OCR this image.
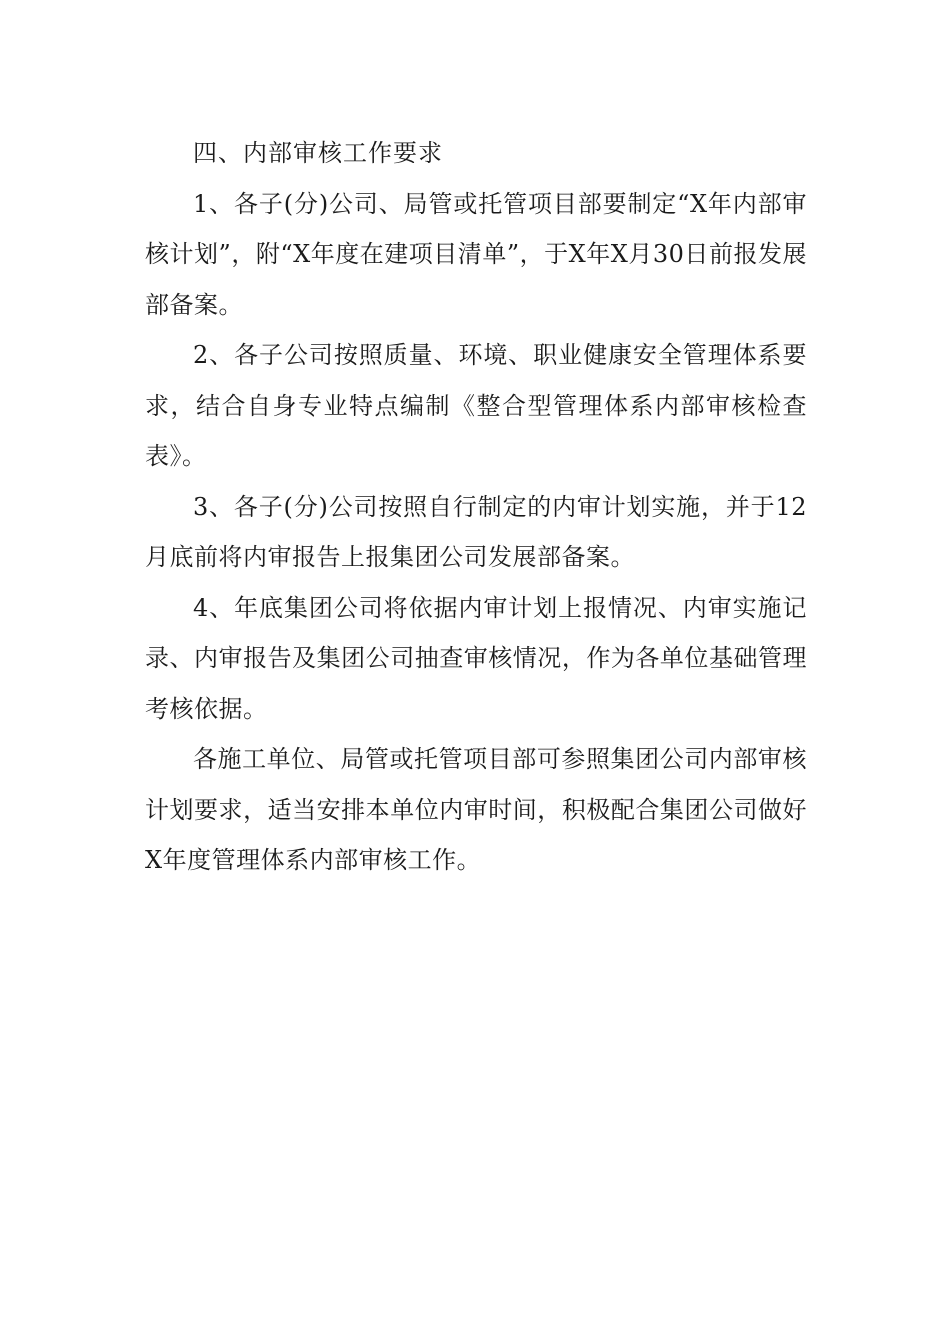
四、内部审核工作要求

1、各子(分)公司、局管或托管项目部要制定“X年内部审核计划”，附“X年度在建项目清单”，于X年X月30日前报发展部备案。

2、各子公司按照质量、环境、职业健康安全管理体系要求，结合自身专业特点编制《整合型管理体系内部审核检查表》。

3、各子(分)公司按照自行制定的内审计划实施，并于12月底前将内审报告上报集团公司发展部备案。

4、年底集团公司将依据内审计划上报情况、内审实施记录、内审报告及集团公司抽查审核情况，作为各单位基础管理考核依据。

各施工单位、局管或托管项目部可参照集团公司内部审核计划要求，适当安排本单位内审时间，积极配合集团公司做好X年度管理体系内部审核工作。
